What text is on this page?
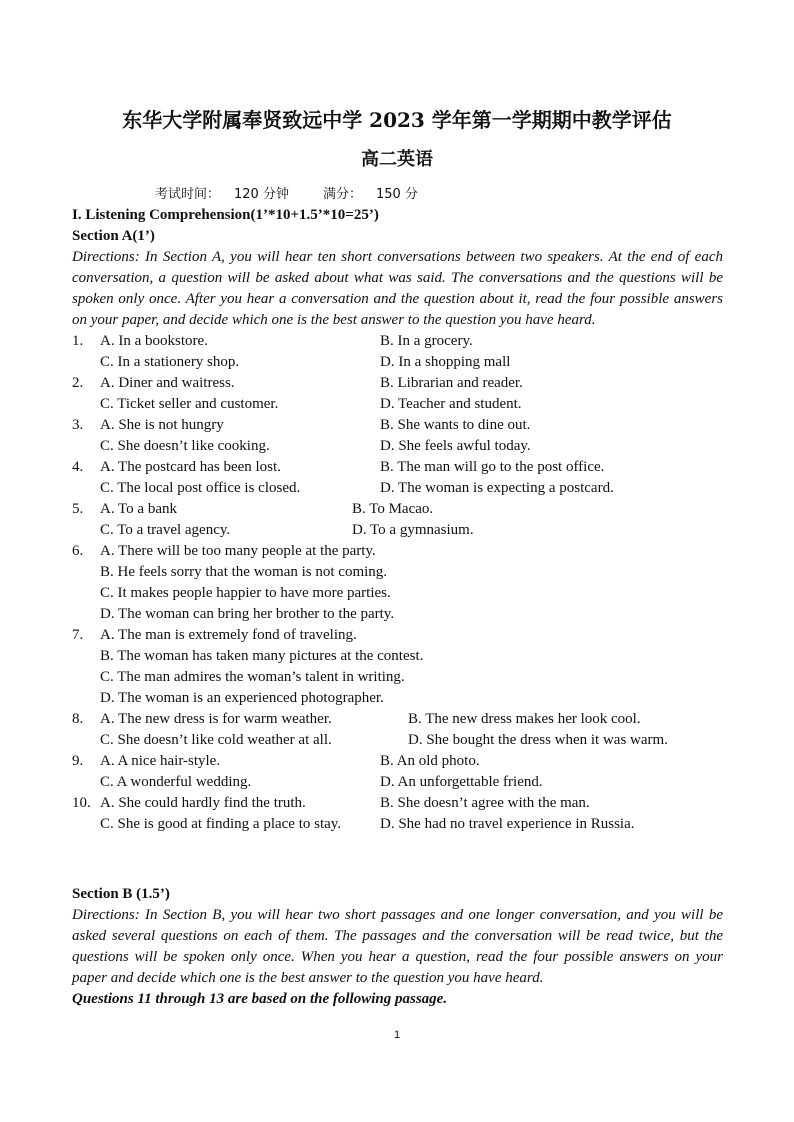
东华大学附属奉贤致远中学 2023 学年第一学期期中教学评估
高二英语
考试时间： 120 分钟	满分： 150 分
I. Listening Comprehension(1’*10+1.5’*10=25’)
Section A(1’)
Directions: In Section A, you will hear ten short conversations between two speakers. At the end of each conversation, a question will be asked about what was said. The conversations and the questions will be spoken only once. After you hear a conversation and the question about it, read the four possible answers on your paper, and decide which one is the best answer to the question you have heard.
1. A. In a bookstore.	B. In a grocery.
C. In a stationery shop.	D. In a shopping mall
2. A. Diner and waitress.	B. Librarian and reader.
C. Ticket seller and customer.	D. Teacher and student.
3. A. She is not hungry	B. She wants to dine out.
C. She doesn’t like cooking.	D. She feels awful today.
4. A. The postcard has been lost.	B. The man will go to the post office.
C. The local post office is closed.	D. The woman is expecting a postcard.
5. A. To a bank	B. To Macao.
C. To a travel agency.	D. To a gymnasium.
6. A. There will be too many people at the party.
B. He feels sorry that the woman is not coming.
C. It makes people happier to have more parties.
D. The woman can bring her brother to the party.
7. A. The man is extremely fond of traveling.
B. The woman has taken many pictures at the contest.
C. The man admires the woman’s talent in writing.
D. The woman is an experienced photographer.
8. A. The new dress is for warm weather.	B. The new dress makes her look cool.
C. She doesn’t like cold weather at all.	D. She bought the dress when it was warm.
9. A. A nice hair-style.	B. An old photo.
C. A wonderful wedding.	D. An unforgettable friend.
10. A. She could hardly find the truth.	B. She doesn’t agree with the man.
C. She is good at finding a place to stay.	D. She had no travel experience in Russia.
Section B (1.5’)
Directions: In Section B, you will hear two short passages and one longer conversation, and you will be asked several questions on each of them. The passages and the conversation will be read twice, but the questions will be spoken only once. When you hear a question, read the four possible answers on your paper and decide which one is the best answer to the question you have heard.
Questions 11 through 13 are based on the following passage.
1
